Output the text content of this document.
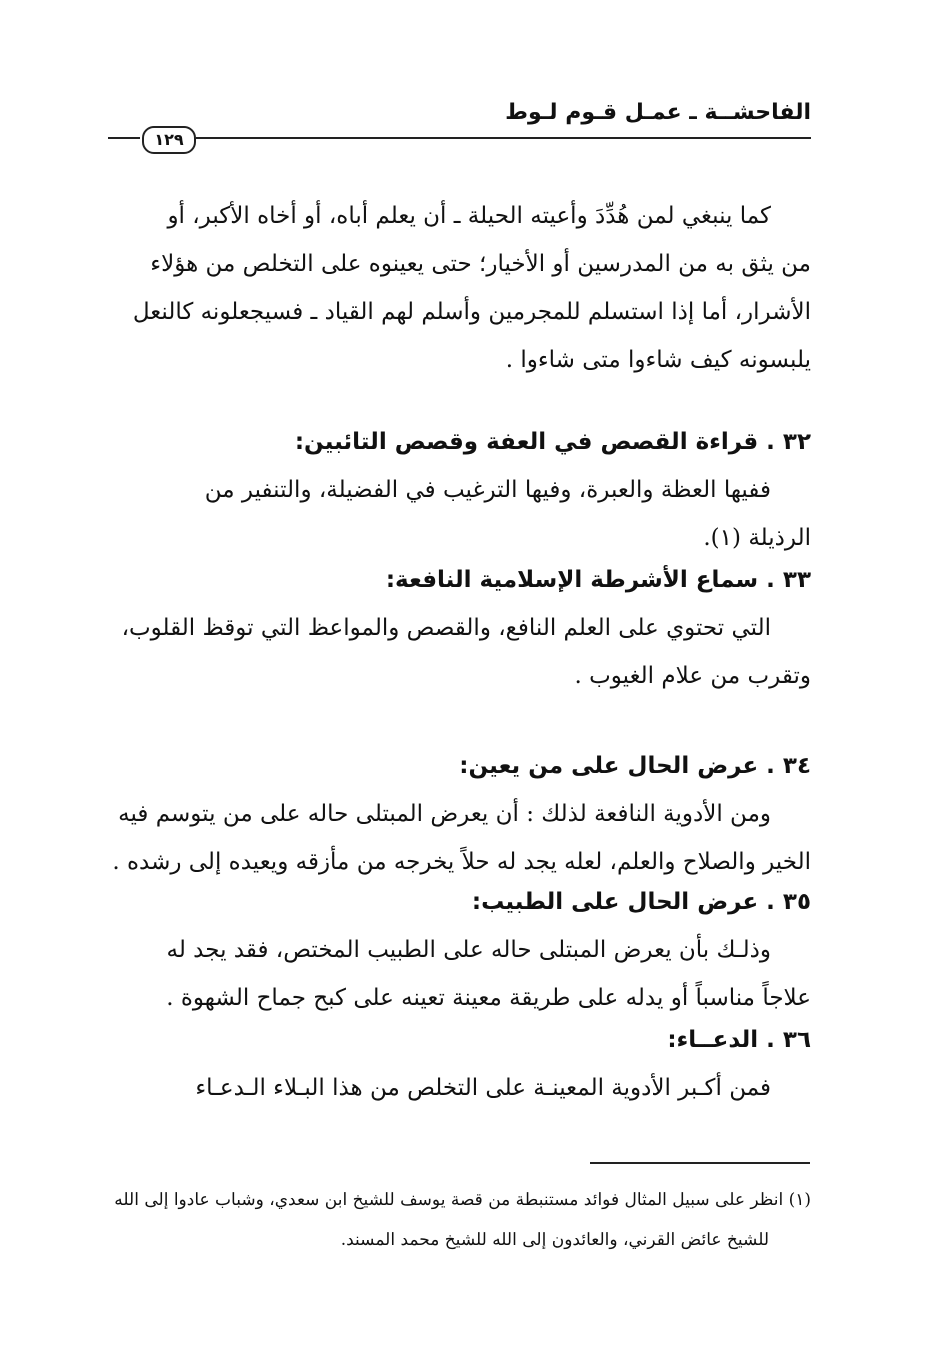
الفاحشــة ـ عمـل قـوم لـوط
١٢٩
كما ينبغي لمن هُدِّدَ وأعيته الحيلة ـ أن يعلم أباه، أو أخاه الأكبر، أو
من يثق به من المدرسين أو الأخيار؛ حتى يعينوه على التخلص من هؤلاء
الأشرار، أما إذا استسلم للمجرمين وأسلم لهم القياد ـ فسيجعلونه كالنعل
يلبسونه كيف شاءوا متى شاءوا .
٣٢ . قراءة القصص في العفة وقصص التائبين:
ففيها العظة والعبرة، وفيها الترغيب في الفضيلة، والتنفير من
الرذيلة (١).
٣٣ . سماع الأشرطة الإسلامية النافعة:
التي تحتوي على العلم النافع، والقصص والمواعظ التي توقظ القلوب،
وتقرب من علام الغيوب .
٣٤ . عرض الحال على من يعين:
ومن الأدوية النافعة لذلك : أن يعرض المبتلى حاله على من يتوسم فيه
الخير والصلاح والعلم، لعله يجد له حلاً يخرجه من مأزقه ويعيده إلى رشده .
٣٥ . عرض الحال على الطبيب:
وذلـك بأن يعرض المبتلى حاله على الطبيب المختص، فقد يجد له
علاجاً مناسباً أو يدله على طريقة معينة تعينه على كبح جماح الشهوة .
٣٦ . الدعــاء:
فمن أكـبر الأدوية المعينـة على التخلص من هذا البـلاء الـدعـاء
(١) انظر على سبيل المثال فوائد مستنبطة من قصة يوسف للشيخ ابن سعدي، وشباب عادوا إلى الله
للشيخ عائض القرني، والعائدون إلى الله للشيخ محمد المسند.
